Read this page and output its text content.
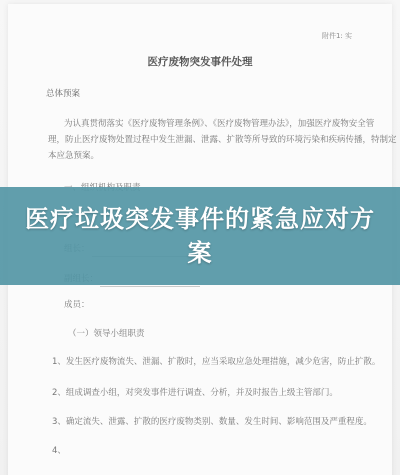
附件1: 实
医疗废物突发事件处理
总体预案
为认真贯彻落实《医疗废物管理条例》、《医疗废物管理办法》，加强医疗废物安全管
理，防止医疗废物处置过程中发生泄漏、泄露、扩散等所导致的环境污染和疾病传播，特制定
本应急预案。
成员：
（一）领导小组职责
1、发生医疗废物流失、泄漏、扩散时，应当采取应急处理措施，减少危害，防止扩散。
2、组成调查小组，对突发事件进行调查、分析，并及时报告上级主管部门。
3、确定流失、泄露、扩散的医疗废物类别、数量、发生时间、影响范围及严重程度。
4、
医疗垃圾突发事件的紧急应对方案
